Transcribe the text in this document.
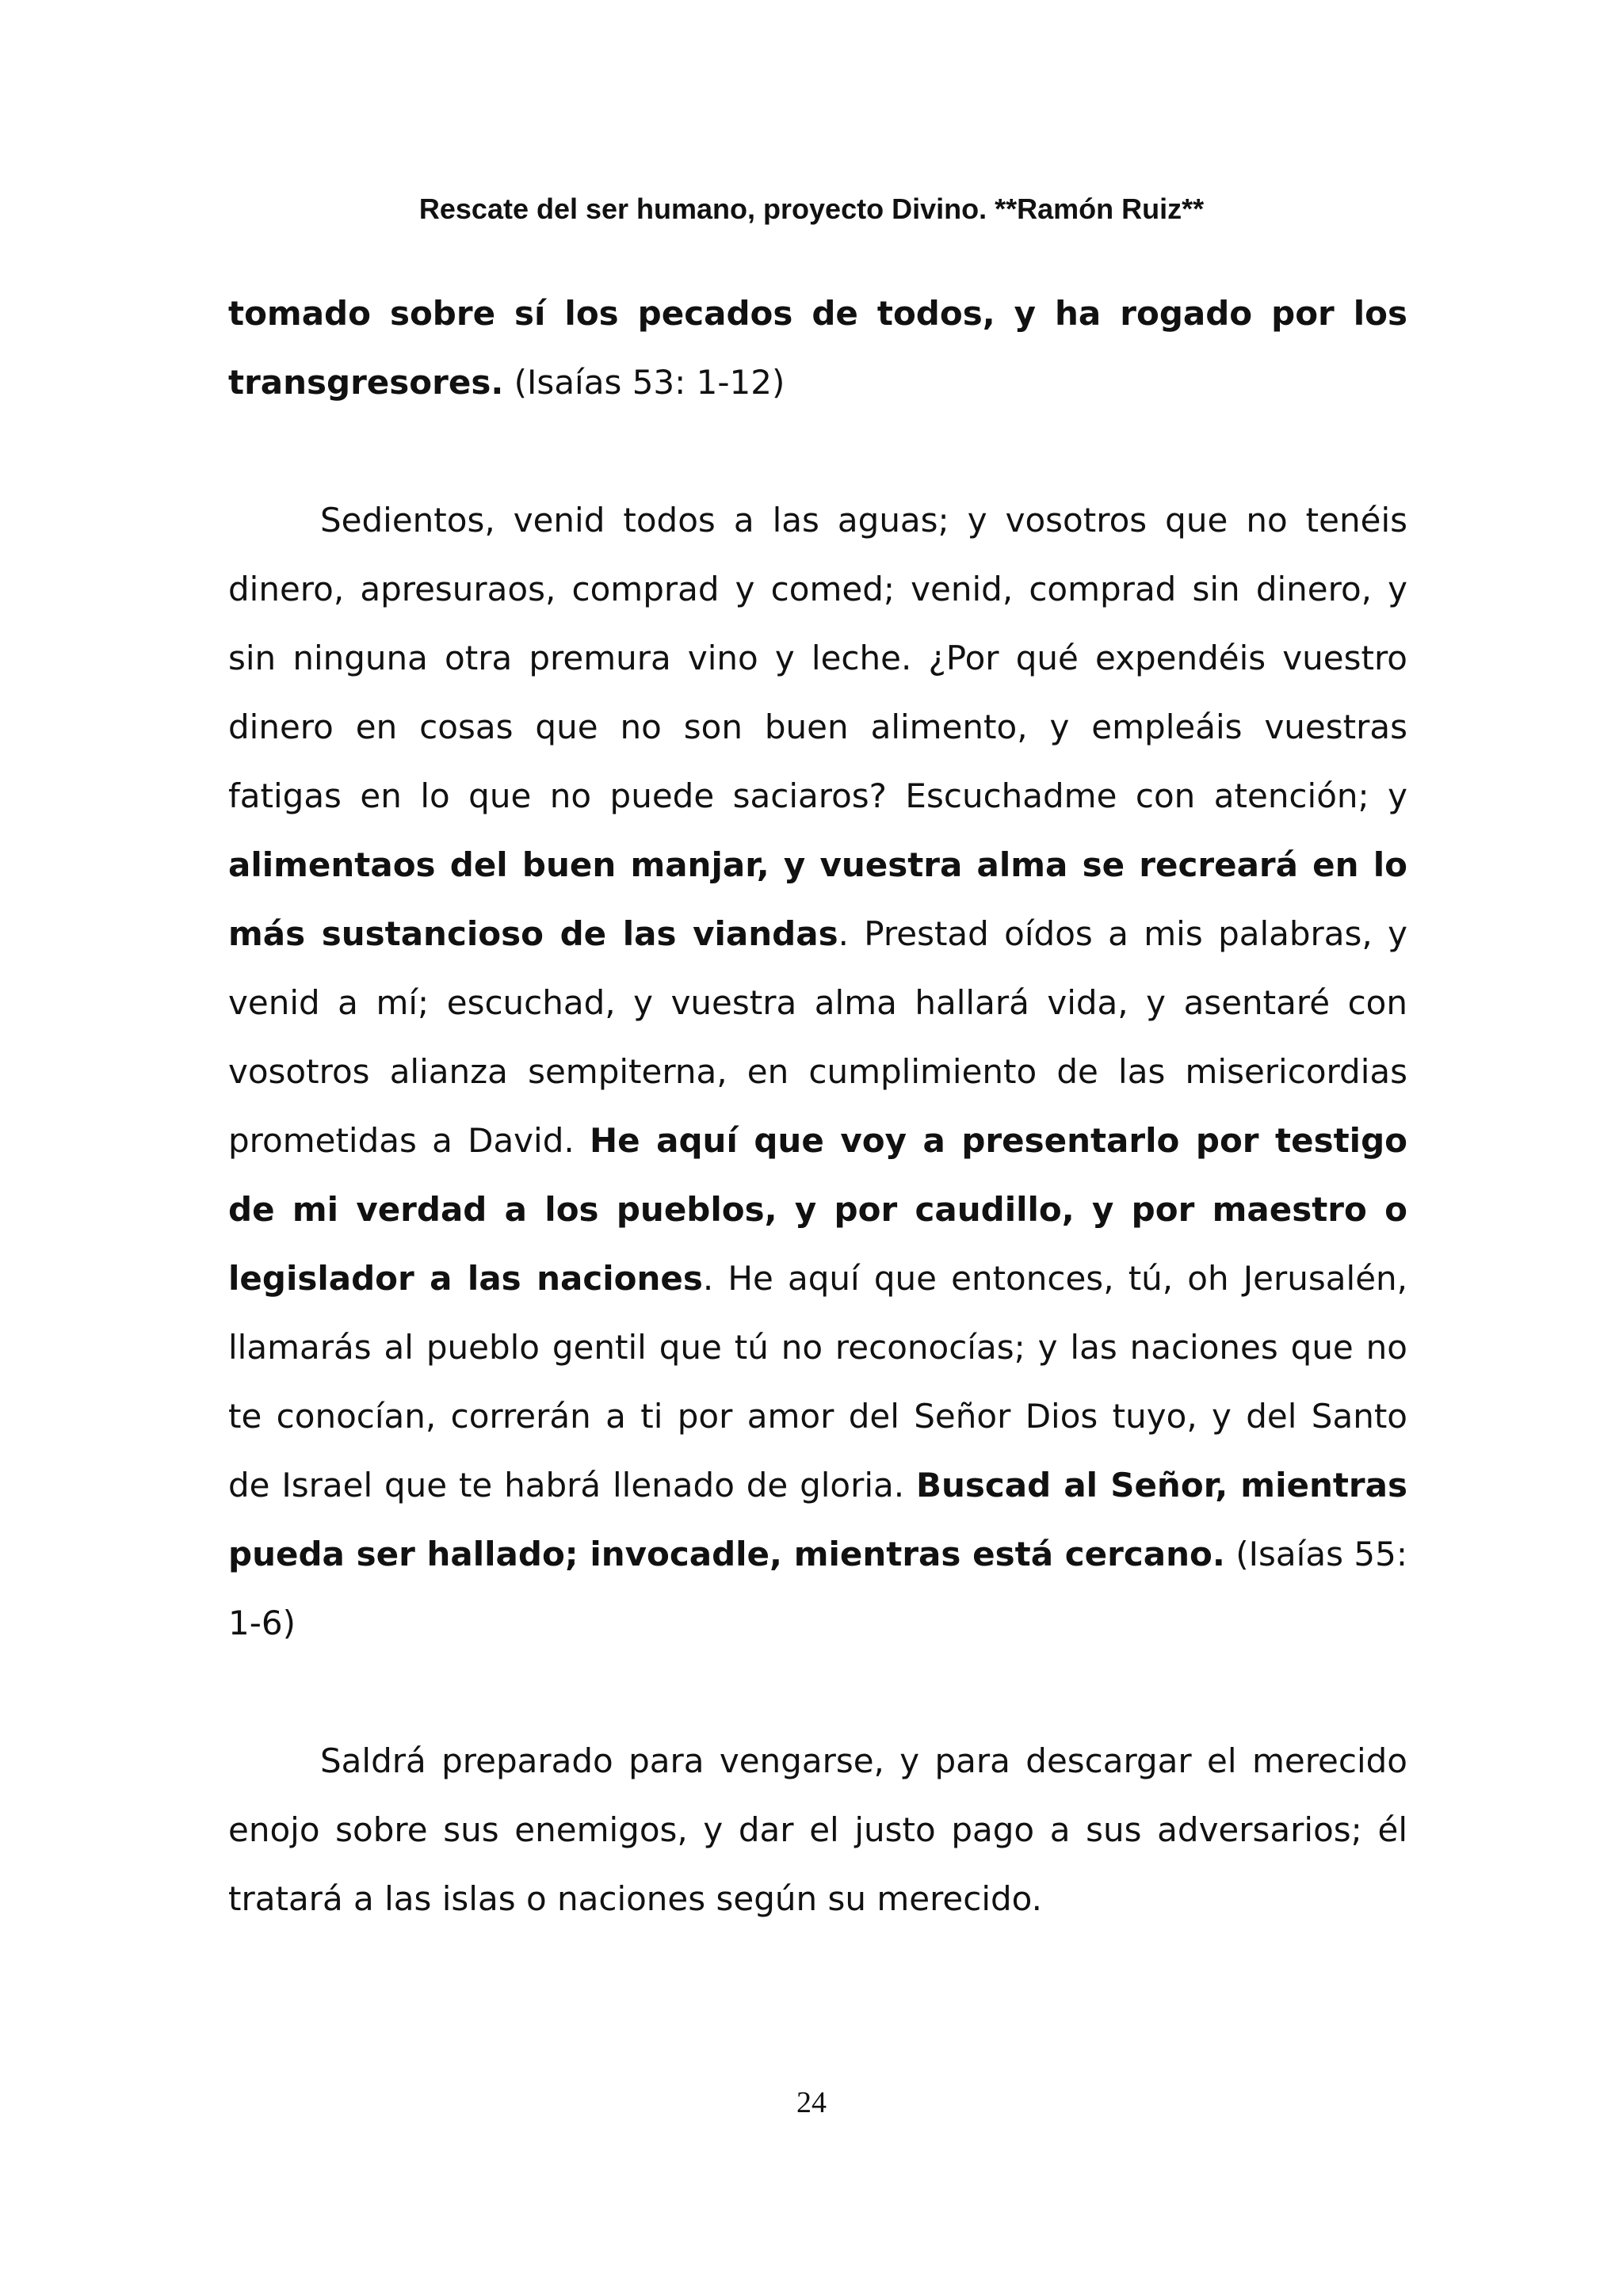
Rescate del ser humano, proyecto Divino. **Ramón Ruiz**

tomado sobre sí los pecados de todos, y ha rogado por los transgresores. (Isaías 53: 1-12)

Sedientos, venid todos a las aguas; y vosotros que no tenéis dinero, apresuraos, comprad y comed; venid, comprad sin dinero, y sin ninguna otra premura vino y leche. ¿Por qué expendéis vuestro dinero en cosas que no son buen alimento, y empleáis vuestras fatigas en lo que no puede saciaros? Escuchadme con atención; y alimentaos del buen manjar, y vuestra alma se recreará en lo más sustancioso de las viandas. Prestad oídos a mis palabras, y venid a mí; escuchad, y vuestra alma hallará vida, y asentaré con vosotros alianza sempiterna, en cumplimiento de las misericordias prometidas a David. He aquí que voy a presentarlo por testigo de mi verdad a los pueblos, y por caudillo, y por maestro o legislador a las naciones. He aquí que entonces, tú, oh Jerusalén, llamarás al pueblo gentil que tú no reconocías; y las naciones que no te conocían, correrán a ti por amor del Señor Dios tuyo, y del Santo de Israel que te habrá llenado de gloria. Buscad al Señor, mientras pueda ser hallado; invocadle, mientras está cercano. (Isaías 55: 1-6)

Saldrá preparado para vengarse, y para descargar el merecido enojo sobre sus enemigos, y dar el justo pago a sus adversarios; él tratará a las islas o naciones según su merecido.

24
